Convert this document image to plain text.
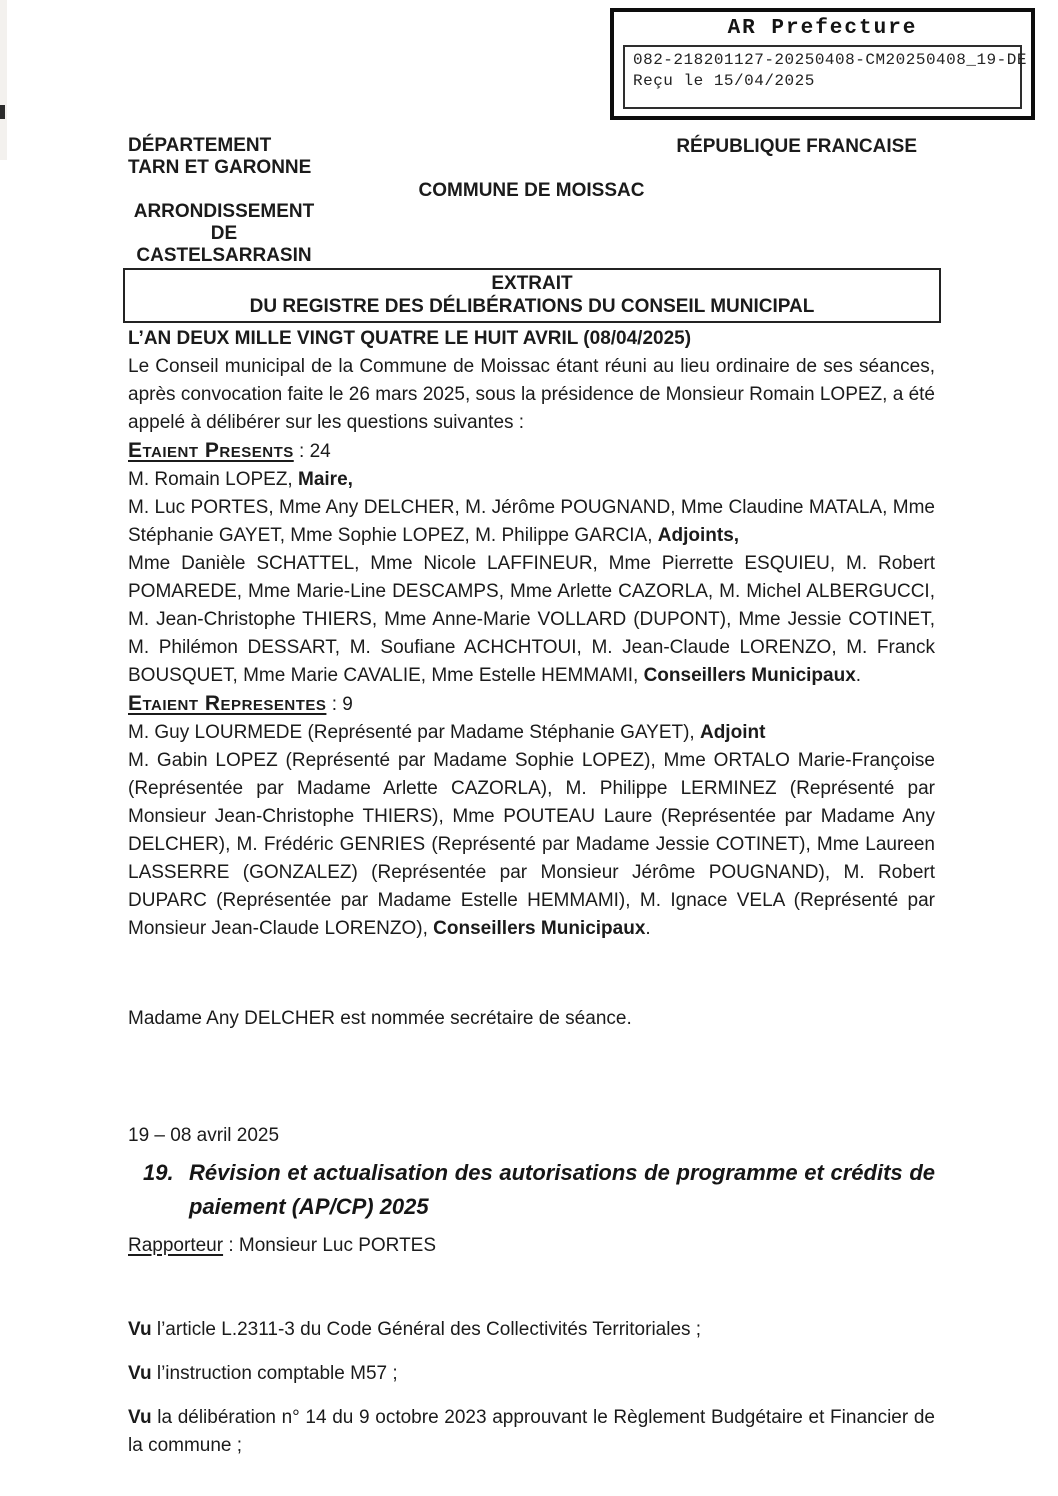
AR Prefecture
082-218201127-20250408-CM20250408_19-DE
Reçu le 15/04/2025
DÉPARTEMENT
TARN ET GARONNE
ARRONDISSEMENT
DE
CASTELSARRASIN
COMMUNE DE MOISSAC
RÉPUBLIQUE FRANCAISE
EXTRAIT
DU REGISTRE DES DÉLIBÉRATIONS DU CONSEIL MUNICIPAL
L’AN DEUX MILLE VINGT QUATRE LE HUIT AVRIL (08/04/2025)
Le Conseil municipal de la Commune de Moissac étant réuni au lieu ordinaire de ses séances, après convocation faite le 26 mars 2025, sous la présidence de Monsieur Romain LOPEZ, a été appelé à délibérer sur les questions suivantes :
Etaient Presents : 24
M. Romain LOPEZ, Maire,
M. Luc PORTES, Mme Any DELCHER, M. Jérôme POUGNAND, Mme Claudine MATALA, Mme Stéphanie GAYET, Mme Sophie LOPEZ, M. Philippe GARCIA, Adjoints,
Mme Danièle SCHATTEL, Mme Nicole LAFFINEUR, Mme Pierrette ESQUIEU, M. Robert POMAREDE, Mme Marie-Line DESCAMPS, Mme Arlette CAZORLA, M. Michel ALBERGUCCI, M. Jean-Christophe THIERS, Mme Anne-Marie VOLLARD (DUPONT), Mme Jessie COTINET, M. Philémon DESSART, M. Soufiane ACHCHTOUI, M. Jean-Claude LORENZO, M. Franck BOUSQUET, Mme Marie CAVALIE, Mme Estelle HEMMAMI, Conseillers Municipaux.
Etaient Representes : 9
M. Guy LOURMEDE (Représenté par Madame Stéphanie GAYET), Adjoint
M. Gabin LOPEZ (Représenté par Madame Sophie LOPEZ), Mme ORTALO Marie-Françoise (Représentée par Madame Arlette CAZORLA), M. Philippe LERMINEZ (Représenté par Monsieur Jean-Christophe THIERS), Mme POUTEAU Laure (Représentée par Madame Any DELCHER), M. Frédéric GENRIES (Représenté par Madame Jessie COTINET), Mme Laureen LASSERRE (GONZALEZ) (Représentée par Monsieur Jérôme POUGNAND), M. Robert DUPARC (Représentée par Madame Estelle HEMMAMI), M. Ignace VELA (Représenté par Monsieur Jean-Claude LORENZO), Conseillers Municipaux.
Madame Any DELCHER est nommée secrétaire de séance.
19 – 08 avril 2025
19. Révision et actualisation des autorisations de programme et crédits de paiement (AP/CP) 2025
Rapporteur : Monsieur Luc PORTES
Vu l’article L.2311-3 du Code Général des Collectivités Territoriales ;
Vu l’instruction comptable M57 ;
Vu la délibération n° 14 du 9 octobre 2023 approuvant le Règlement Budgétaire et Financier de la commune ;
